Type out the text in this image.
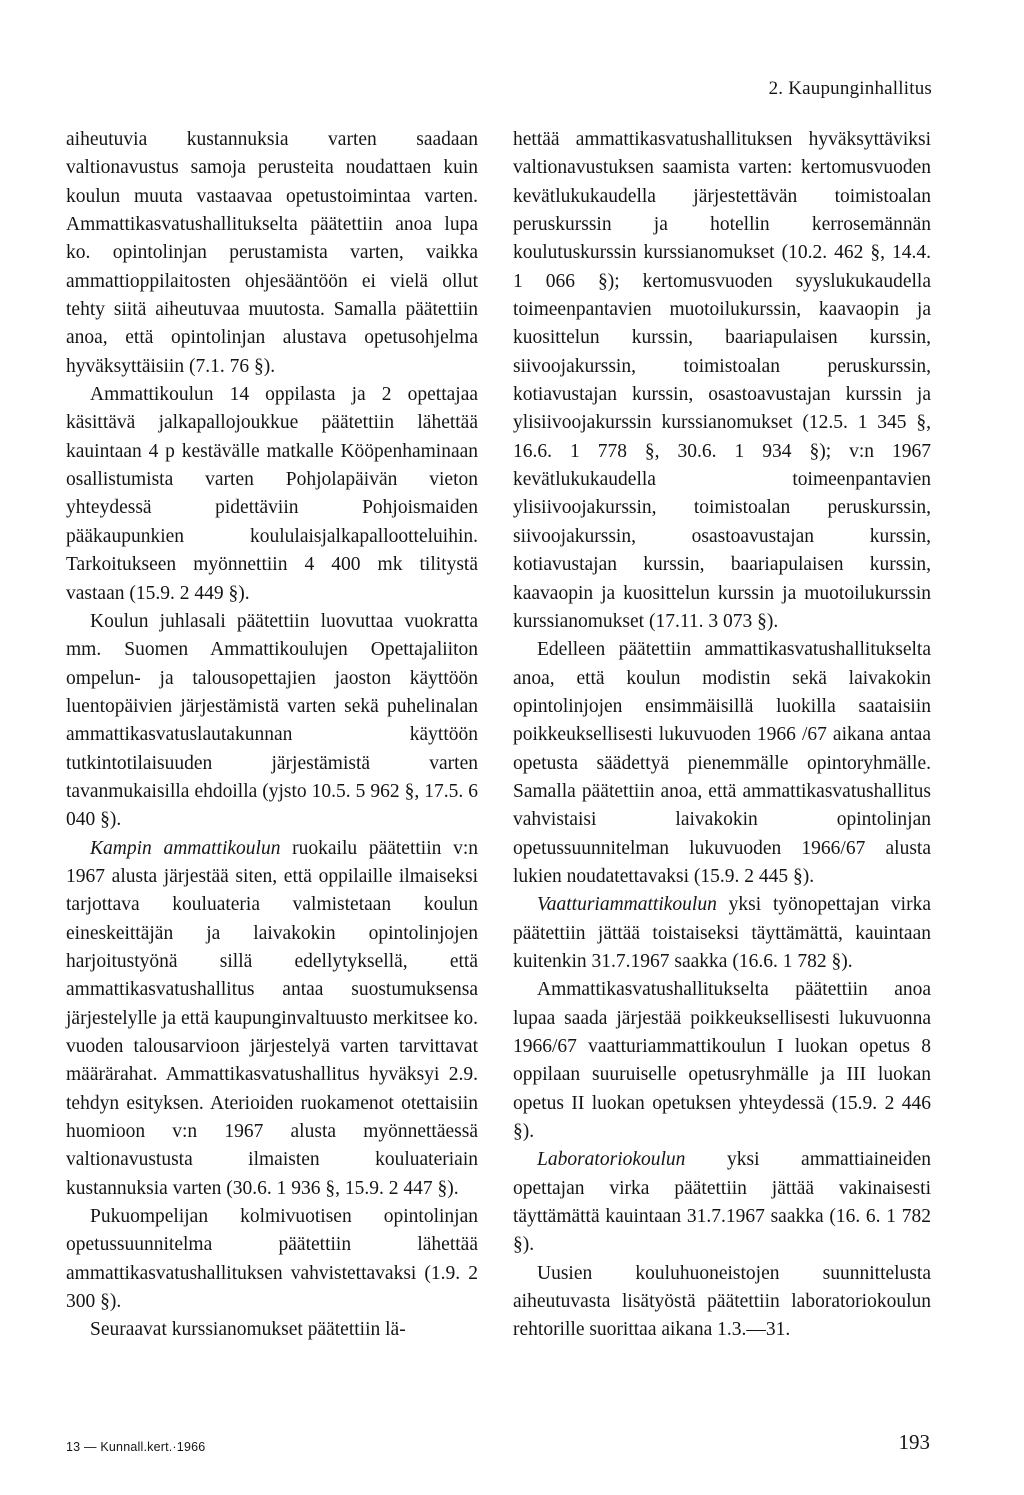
2. Kaupunginhallitus

aiheutuvia kustannuksia varten saadaan valtionavustus samoja perusteita noudattaen kuin koulun muuta vastaavaa opetustoimintaa varten. Ammattikasvatushallitukselta päätettiin anoa lupa ko. opintolinjan perustamista varten, vaikka ammattioppilaitosten ohjesääntöön ei vielä ollut tehty siitä aiheutuvaa muutosta. Samalla päätettiin anoa, että opintolinjan alustava opetusohjelma hyväksyttäisiin (7.1. 76 §).

Ammattikoulun 14 oppilasta ja 2 opettajaa käsittävä jalkapallojoukkue päätettiin lähettää kauintaan 4 p kestävälle matkalle Kööpenhaminaan osallistumista varten Pohjolapäivän vieton yhteydessä pidettäviin Pohjoismaiden pääkaupunkien koululaisjalkapallootteluihin. Tarkoitukseen myönnettiin 4 400 mk tilitystä vastaan (15.9. 2 449 §).

Koulun juhlasali päätettiin luovuttaa vuokratta mm. Suomen Ammattikoulujen Opettajaliiton ompelun- ja talousopettajien jaoston käyttöön luentopäivien järjestämistä varten sekä puhelinalan ammattikasvatuslautakunnan käyttöön tutkintotilaisuuden järjestämistä varten tavanmukaisilla ehdoilla (yjsto 10.5. 5 962 §, 17.5. 6 040 §).

Kampin ammattikoulun ruokailu päätettiin v:n 1967 alusta järjestää siten, että oppilaille ilmaiseksi tarjottava kouluateria valmistetaan koulun eineskeittäjän ja laivakokin opintolinjojen harjoitustyönä sillä edellytyksellä, että ammattikasvatushallitus antaa suostumuksensa järjestelylle ja että kaupunginvaltuusto merkitsee ko. vuoden talousarvioon järjestelyä varten tarvittavat määrärahat. Ammattikasvatushallitus hyväksyi 2.9. tehdyn esityksen. Aterioiden ruokamenot otettaisiin huomioon v:n 1967 alusta myönnettäessä valtionavustusta ilmaisten kouluateriain kustannuksia varten (30.6. 1 936 §, 15.9. 2 447 §).

Pukuompelijan kolmivuotisen opintolinjan opetussuunnitelma päätettiin lähettää ammattikasvatushallituksen vahvistettavaksi (1.9. 2 300 §).

Seuraavat kurssianomukset päätettiin lä-

hettää ammattikasvatushallituksen hyväksyttäviksi valtionavustuksen saamista varten: kertomusvuoden kevätlukukaudella järjestettävän toimistoalan peruskurssin ja hotellin kerrosemännän koulutuskurssin kurssianomukset (10.2. 462 §, 14.4. 1 066 §); kertomusvuoden syyslukukaudella toimeenpantavien muotoilukurssin, kaavaopin ja kuosittelun kurssin, baariapulaisen kurssin, siivoojakurssin, toimistoalan peruskurssin, kotiavustajan kurssin, osastoavustajan kurssin ja ylisiivoojakurssin kurssianomukset (12.5. 1 345 §, 16.6. 1 778 §, 30.6. 1 934 §); v:n 1967 kevätlukukaudella toimeenpantavien ylisiivoojakurssin, toimistoalan peruskurssin, siivoojakurssin, osastoavustajan kurssin, kotiavustajan kurssin, baariapulaisen kurssin, kaavaopin ja kuosittelun kurssin ja muotoilukurssin kurssianomukset (17.11. 3 073 §).

Edelleen päätettiin ammattikasvatushallitukselta anoa, että koulun modistin sekä laivakokin opintolinjojen ensimmäisillä luokilla saataisiin poikkeuksellisesti lukuvuoden 1966 /67 aikana antaa opetusta säädettyä pienemmälle opintoryhmälle. Samalla päätettiin anoa, että ammattikasvatushallitus vahvistaisi laivakokin opintolinjan opetussuunnitelman lukuvuoden 1966/67 alusta lukien noudatettavaksi (15.9. 2 445 §).

Vaatturiammattikoulun yksi työnopettajan virka päätettiin jättää toistaiseksi täyttämättä, kauintaan kuitenkin 31.7.1967 saakka (16.6. 1 782 §).

Ammattikasvatushallitukselta päätettiin anoa lupaa saada järjestää poikkeuksellisesti lukuvuonna 1966/67 vaatturiammattikoulun I luokan opetus 8 oppilaan suuruiselle opetusryhmälle ja III luokan opetus II luokan opetuksen yhteydessä (15.9. 2 446 §).

Laboratoriokoulun yksi ammattiaineiden opettajan virka päätettiin jättää vakinaisesti täyttämättä kauintaan 31.7.1967 saakka (16. 6. 1 782 §).

Uusien kouluhuoneistojen suunnittelusta aiheutuvasta lisätyöstä päätettiin laboratoriokoulun rehtorille suorittaa aikana 1.3.—31.

13 — Kunnall.kert.·1966	193
